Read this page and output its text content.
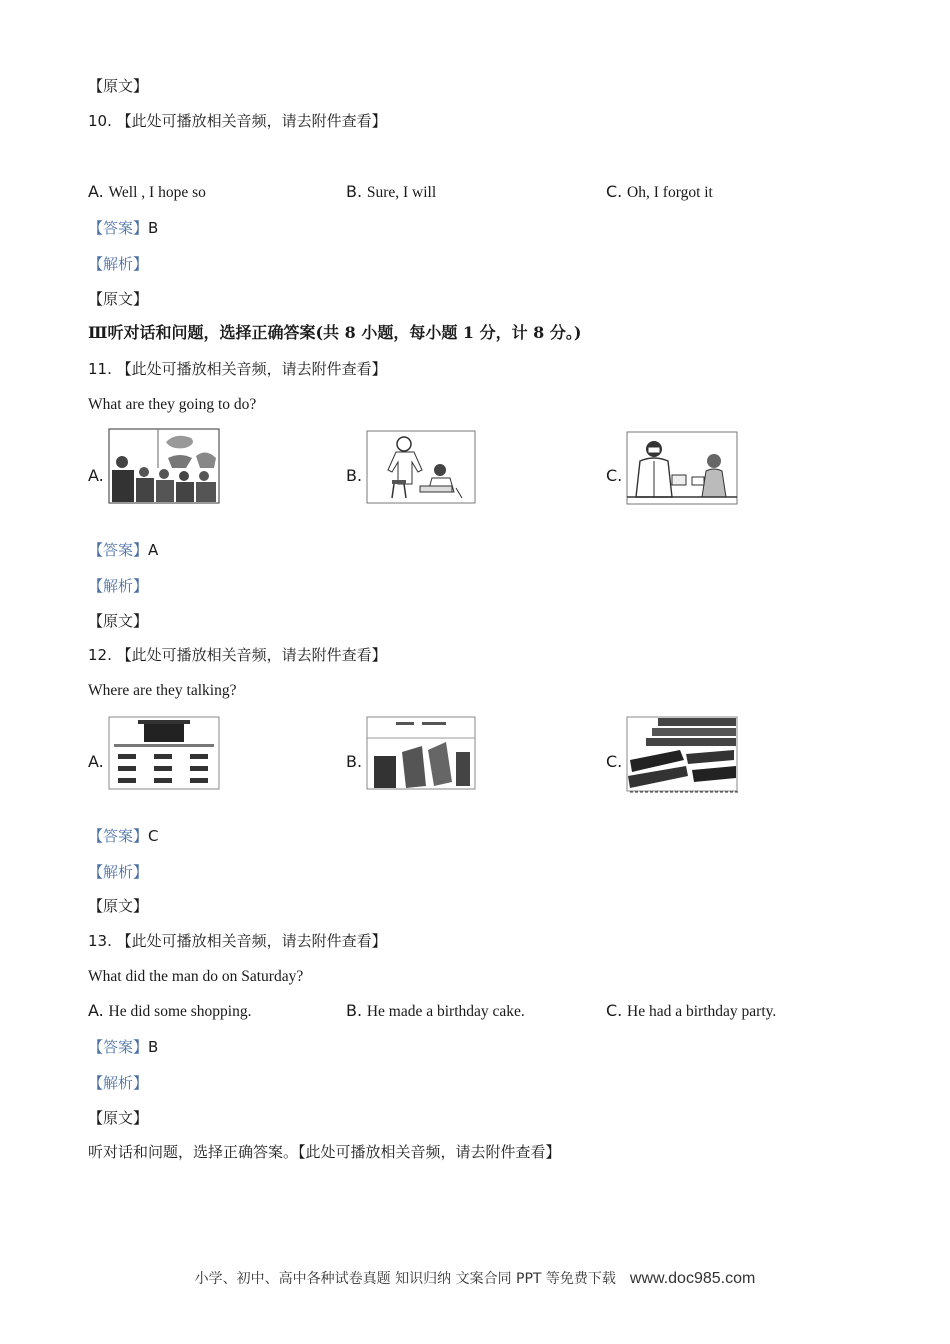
【原文】
10. 【此处可播放相关音频，请去附件查看】
A. Well , I hope so	B. Sure, I will	C. Oh, I forgot it
【答案】B
【解析】
【原文】
Ⅲ听对话和问题，选择正确答案(共 8 小题，每小题 1 分，计 8 分。)
11. 【此处可播放相关音频，请去附件查看】
What are they going to do?
A.	B.	C.
【答案】A
【解析】
【原文】
12. 【此处可播放相关音频，请去附件查看】
Where are they talking?
A.	B.	C.
【答案】C
【解析】
【原文】
13. 【此处可播放相关音频，请去附件查看】
What did the man do on Saturday?
A. He did some shopping.	B. He made a birthday cake.	C. He had a birthday party.
【答案】B
【解析】
【原文】
听对话和问题，选择正确答案。【此处可播放相关音频，请去附件查看】
小学、初中、高中各种试卷真题 知识归纳 文案合同 PPT 等免费下载 www.doc985.com
